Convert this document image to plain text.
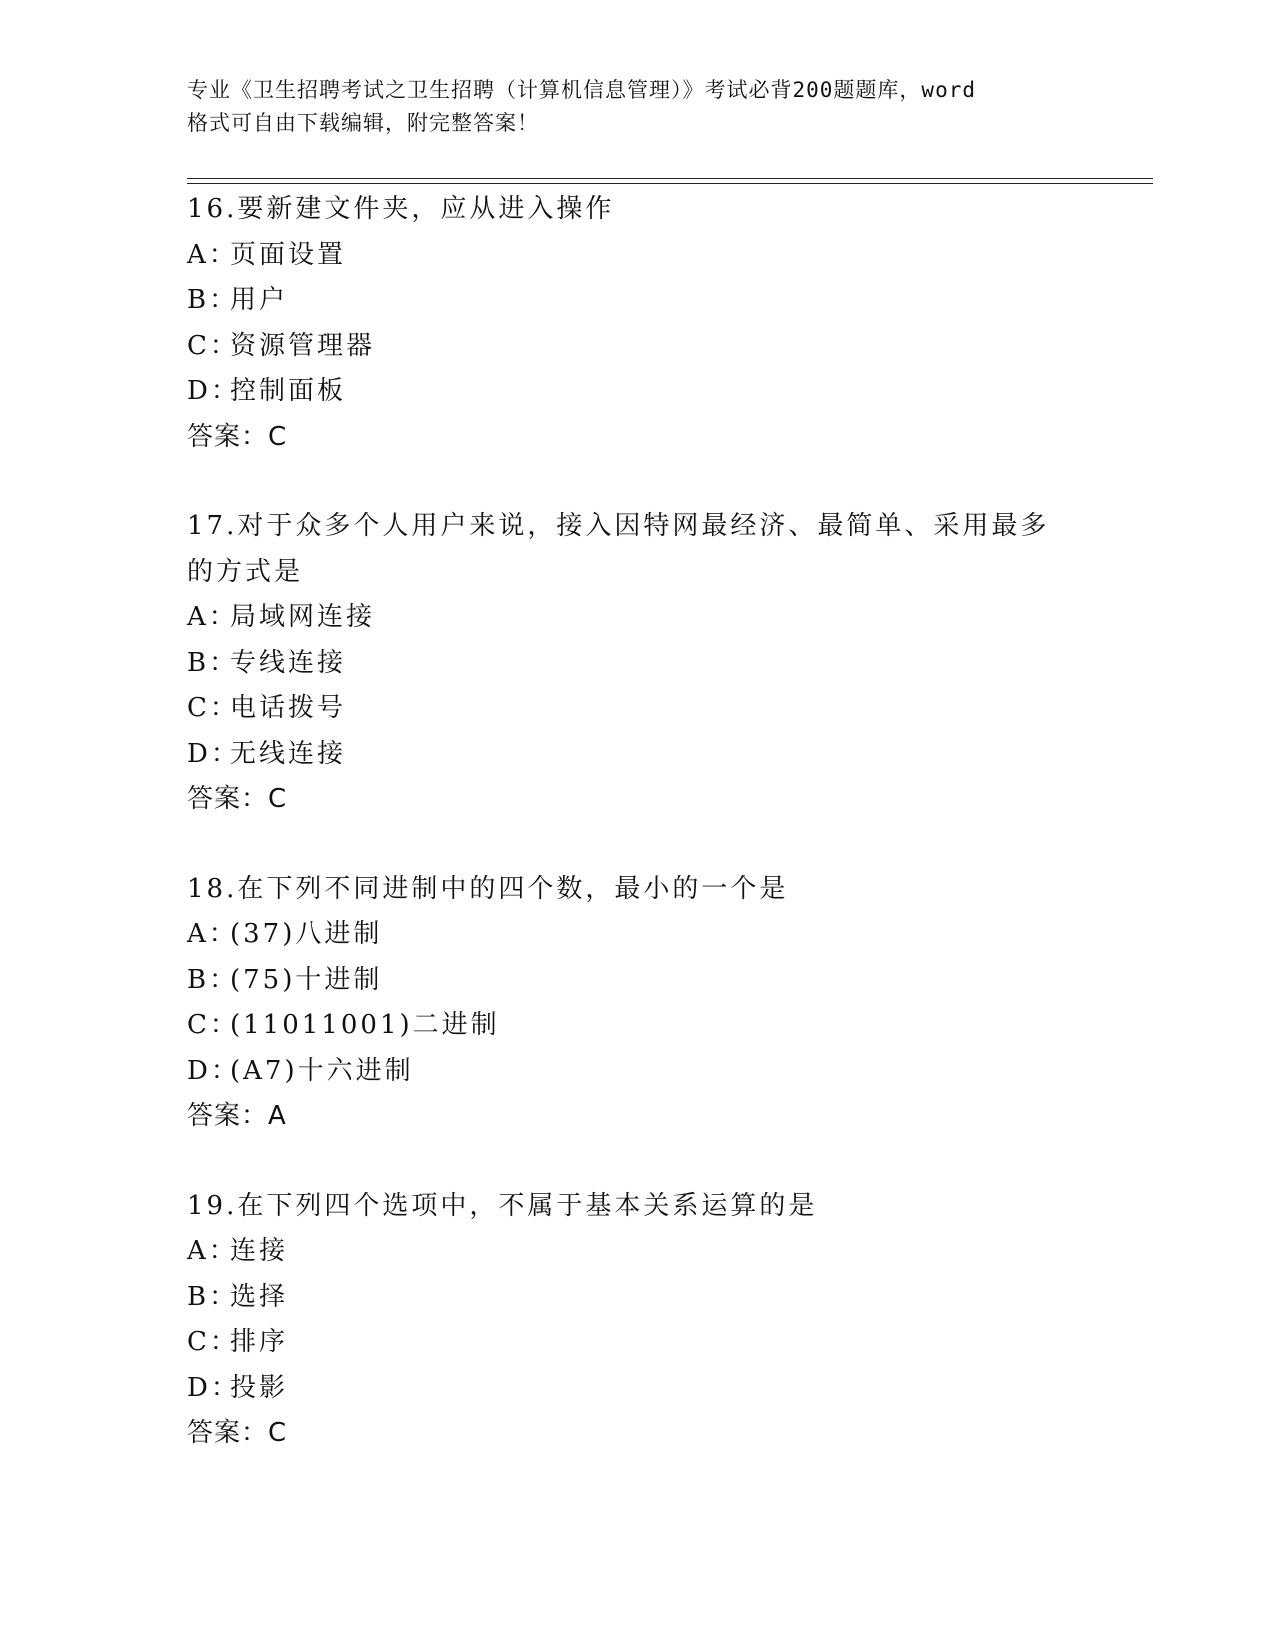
专业《卫生招聘考试之卫生招聘（计算机信息管理）》考试必背200题题库，word
格式可自由下载编辑，附完整答案！
16.要新建文件夹，应从进入操作
A：页面设置
B：用户
C：资源管理器
D：控制面板
答案：C
17.对于众多个人用户来说，接入因特网最经济、最简单、采用最多的方式是
A：局域网连接
B：专线连接
C：电话拨号
D：无线连接
答案：C
18.在下列不同进制中的四个数，最小的一个是
A：(37)八进制
B：(75)十进制
C：(11011001)二进制
D：(A7)十六进制
答案：A
19.在下列四个选项中，不属于基本关系运算的是
A：连接
B：选择
C：排序
D：投影
答案：C
